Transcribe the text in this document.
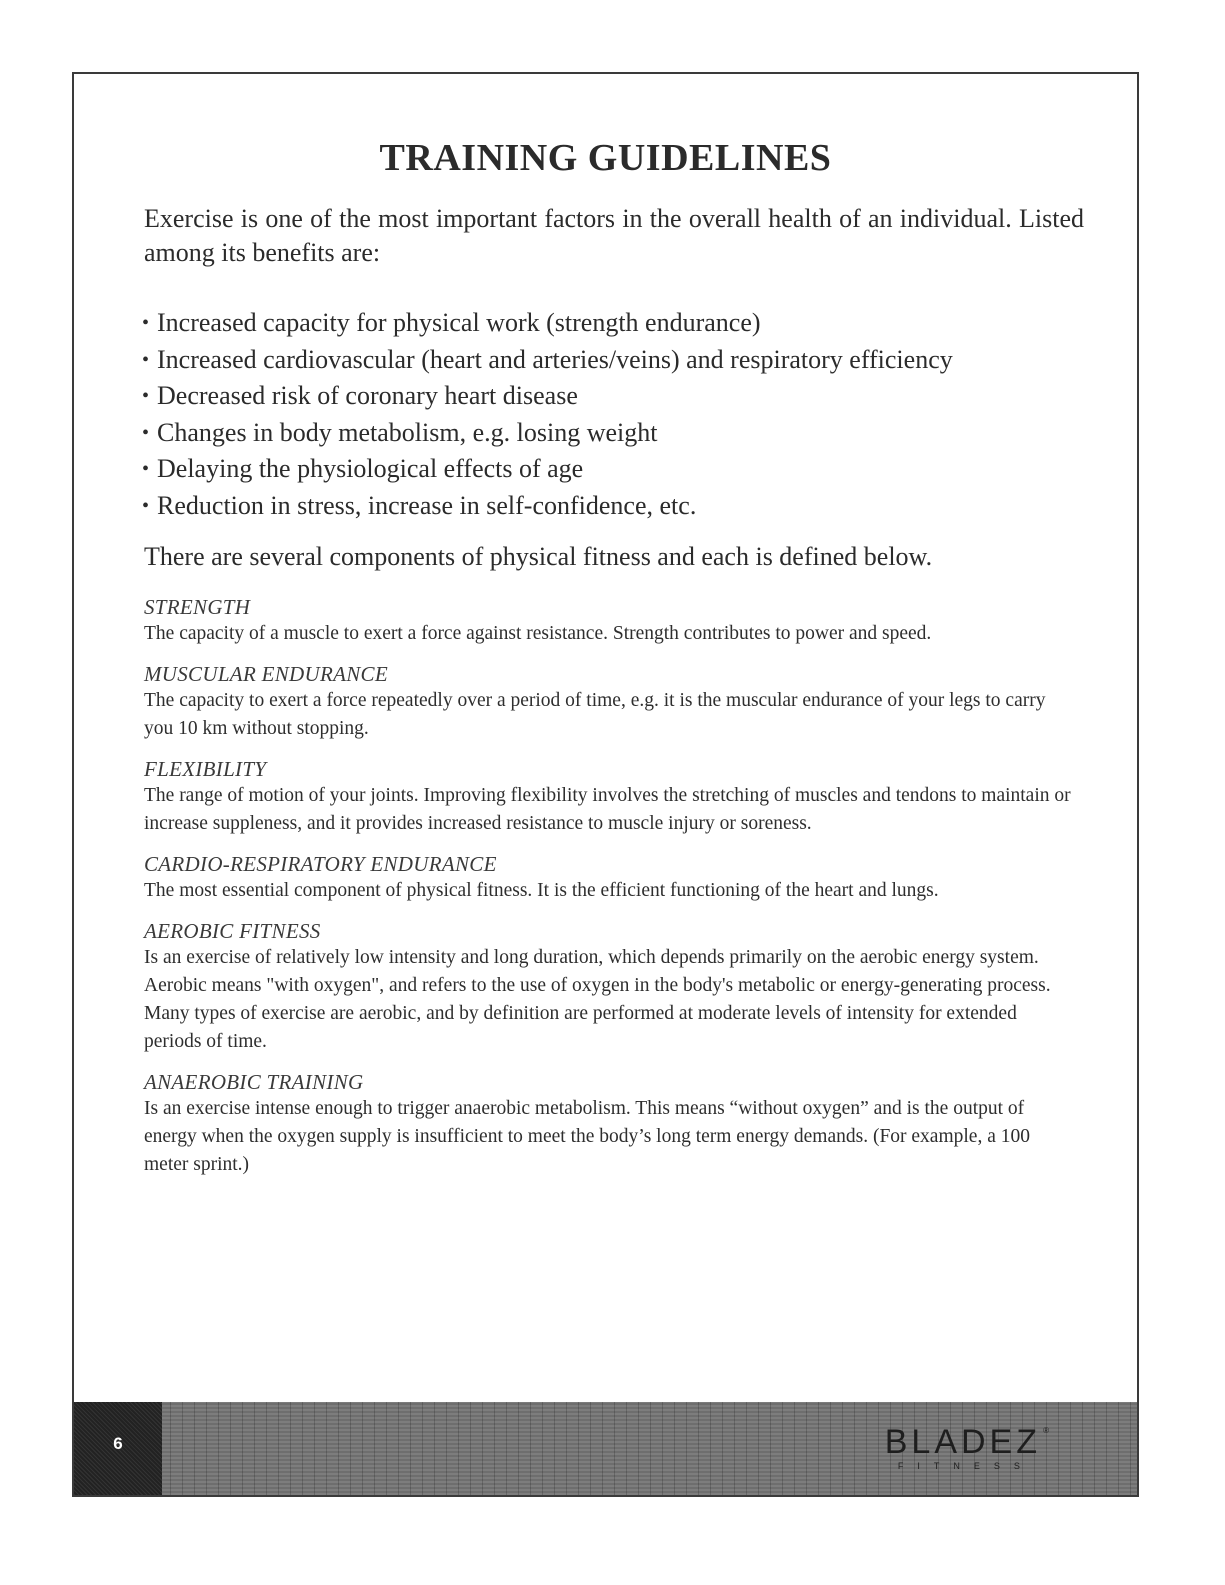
TRAINING GUIDELINES

Exercise is one of the most important factors in the overall health of an individual. Listed among its benefits are:

• Increased capacity for physical work (strength endurance)
• Increased cardiovascular (heart and arteries/veins) and respiratory efficiency
• Decreased risk of coronary heart disease
• Changes in body metabolism, e.g. losing weight
• Delaying the physiological effects of age
• Reduction in stress, increase in self-confidence, etc.

There are several components of physical fitness and each is defined below.

STRENGTH

The capacity of a muscle to exert a force against resistance. Strength contributes to power and speed.

MUSCULAR ENDURANCE

The capacity to exert a force repeatedly over a period of time, e.g. it is the muscular endurance of your legs to carry you 10 km without stopping.

FLEXIBILITY

The range of motion of your joints. Improving flexibility involves the stretching of muscles and tendons to maintain or increase suppleness, and it provides increased resistance to muscle injury or soreness.

CARDIO-RESPIRATORY ENDURANCE

The most essential component of physical fitness. It is the efficient functioning of the heart and lungs.

AEROBIC FITNESS

Is an exercise of relatively low intensity and long duration, which depends primarily on the aerobic energy system. Aerobic means "with oxygen", and refers to the use of oxygen in the body's metabolic or energy-generating process. Many types of exercise are aerobic, and by definition are performed at moderate levels of intensity for extended periods of time.

ANAEROBIC TRAINING

Is an exercise intense enough to trigger anaerobic metabolism. This means “without oxygen” and is the output of energy when the oxygen supply is insufficient to meet the body’s long term energy demands. (For example, a 100 meter sprint.)

6	BLADEZ
FITNESS
®
